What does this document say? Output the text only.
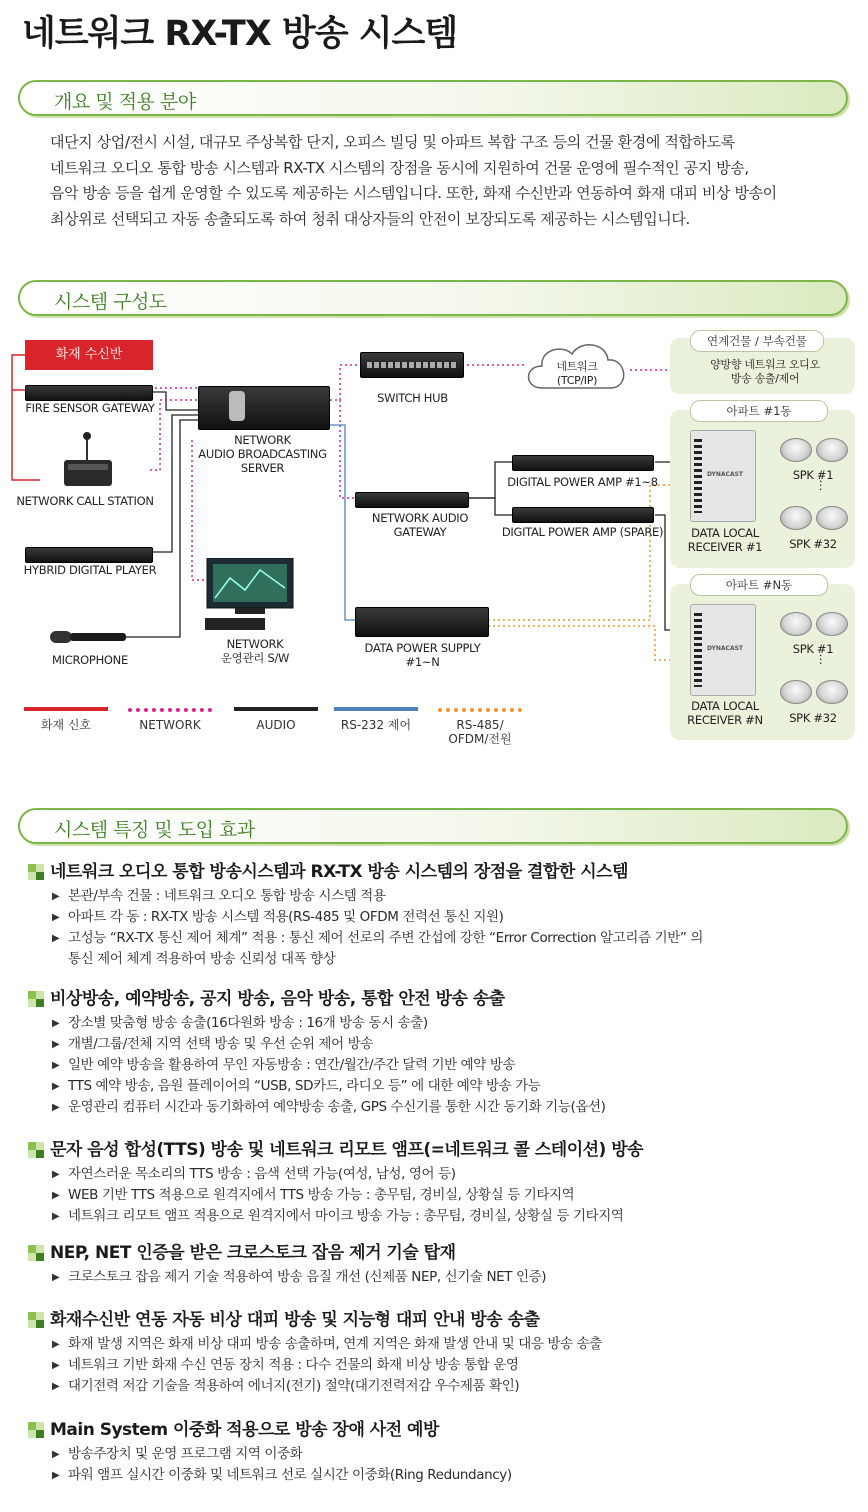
네트워크 RX-TX 방송 시스템
개요 및 적용 분야

대단지 상업/전시 시설, 대규모 주상복합 단지, 오피스 빌딩 및 아파트 복합 구조 등의 건물 환경에 적합하도록

네트워크 오디오 통합 방송 시스템과 RX-TX 시스템의 장점을 동시에 지원하여 건물 운영에 필수적인 공지 방송,

음악 방송 등을 쉽게 운영할 수 있도록 제공하는 시스템입니다. 또한, 화재 수신반과 연동하여 화재 대피 비상 방송이

최상위로 선택되고 자동 송출되도록 하여 청취 대상자들의 안전이 보장되도록 제공하는 시스템입니다.

시스템 구성도
화재 수신반
FIRE SENSOR GATEWAY
NETWORK CALL STATION
HYBRID DIGITAL PLAYER
MICROPHONE
NETWORK
AUDIO BROADCASTING
SERVER
SWITCH HUB
네트워크
(TCP/IP)
NETWORK AUDIO
GATEWAY
NETWORK
운영관리 S/W
DIGITAL POWER AMP #1~8
DIGITAL POWER AMP (SPARE)
DATA POWER SUPPLY
#1~N
연계건물 / 부속건물
양방향 네트워크 오디오
방송 송출/제어
아파트 #1동
DYNACAST
DATA LOCAL
RECEIVER #1
SPK #1
⋮
SPK #32
아파트 #N동
DYNACAST
DATA LOCAL
RECEIVER #N
SPK #1
⋮
SPK #32
화재 신호	NETWORK	AUDIO	RS-232 제어	RS-485/
OFDM/전원
시스템 특징 및 도입 효과
네트워크 오디오 통합 방송시스템과 RX-TX 방송 시스템의 장점을 결합한 시스템
▶ 본관/부속 건물 : 네트워크 오디오 통합 방송 시스템 적용
▶ 아파트 각 동 : RX-TX 방송 시스템 적용(RS-485 및 OFDM 전력선 통신 지원)
▶ 고성능 “RX-TX 통신 제어 체계” 적용 : 통신 제어 선로의 주변 간섭에 강한 “Error Correction 알고리즘 기반” 의
통신 제어 체계 적용하여 방송 신뢰성 대폭 향상
비상방송, 예약방송, 공지 방송, 음악 방송, 통합 안전 방송 송출
▶ 장소별 맞춤형 방송 송출(16다원화 방송 : 16개 방송 동시 송출)
▶ 개별/그룹/전체 지역 선택 방송 및 우선 순위 제어 방송
▶ 일반 예약 방송을 활용하여 무인 자동방송 : 연간/월간/주간 달력 기반 예약 방송
▶ TTS 예약 방송, 음원 플레이어의 “USB, SD카드, 라디오 등” 에 대한 예약 방송 가능
▶ 운영관리 컴퓨터 시간과 동기화하여 예약방송 송출, GPS 수신기를 통한 시간 동기화 기능(옵션)
문자 음성 합성(TTS) 방송 및 네트워크 리모트 앰프(=네트워크 콜 스테이션) 방송
▶ 자연스러운 목소리의 TTS 방송 : 음색 선택 가능(여성, 남성, 영어 등)
▶ WEB 기반 TTS 적용으로 원격지에서 TTS 방송 가능 : 총무팀, 경비실, 상황실 등 기타지역
▶ 네트워크 리모트 앰프 적용으로 원격지에서 마이크 방송 가능 : 총무팀, 경비실, 상황실 등 기타지역
NEP, NET 인증을 받은 크로스토크 잡음 제거 기술 탑재
▶ 크로스토크 잡음 제거 기술 적용하여 방송 음질 개선 (신제품 NEP, 신기술 NET 인증)
화재수신반 연동 자동 비상 대피 방송 및 지능형 대피 안내 방송 송출
▶ 화재 발생 지역은 화재 비상 대피 방송 송출하며, 연계 지역은 화재 발생 안내 및 대응 방송 송출
▶ 네트워크 기반 화재 수신 연동 장치 적용 : 다수 건물의 화재 비상 방송 통합 운영
▶ 대기전력 저감 기술을 적용하여 에너지(전기) 절약(대기전력저감 우수제품 확인)
Main System 이중화 적용으로 방송 장애 사전 예방
▶ 방송주장치 및 운영 프로그램 지역 이중화
▶ 파워 앰프 실시간 이중화 및 네트워크 선로 실시간 이중화(Ring Redundancy)
